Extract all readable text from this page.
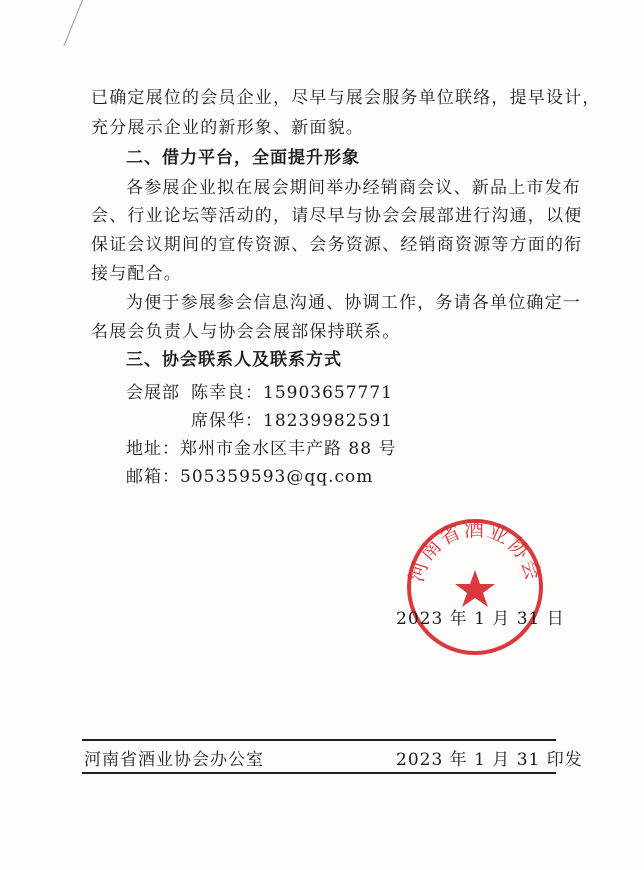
已确定展位的会员企业，尽早与展会服务单位联络，提早设计，
充分展示企业的新形象、新面貌。
二、借力平台，全面提升形象
各参展企业拟在展会期间举办经销商会议、新品上市发布
会、行业论坛等活动的，请尽早与协会会展部进行沟通，以便
保证会议期间的宣传资源、会务资源、经销商资源等方面的衔
接与配合。
为便于参展参会信息沟通、协调工作，务请各单位确定一
名展会负责人与协会会展部保持联系。
三、协会联系人及联系方式
会展部 陈幸良：15903657771
席保华：18239982591
地址：郑州市金水区丰产路 88 号
邮箱：505359593@qq.com
河南省酒业协会
2023 年 1 月 31 日
河南省酒业协会办公室	2023 年 1 月 31 印发
